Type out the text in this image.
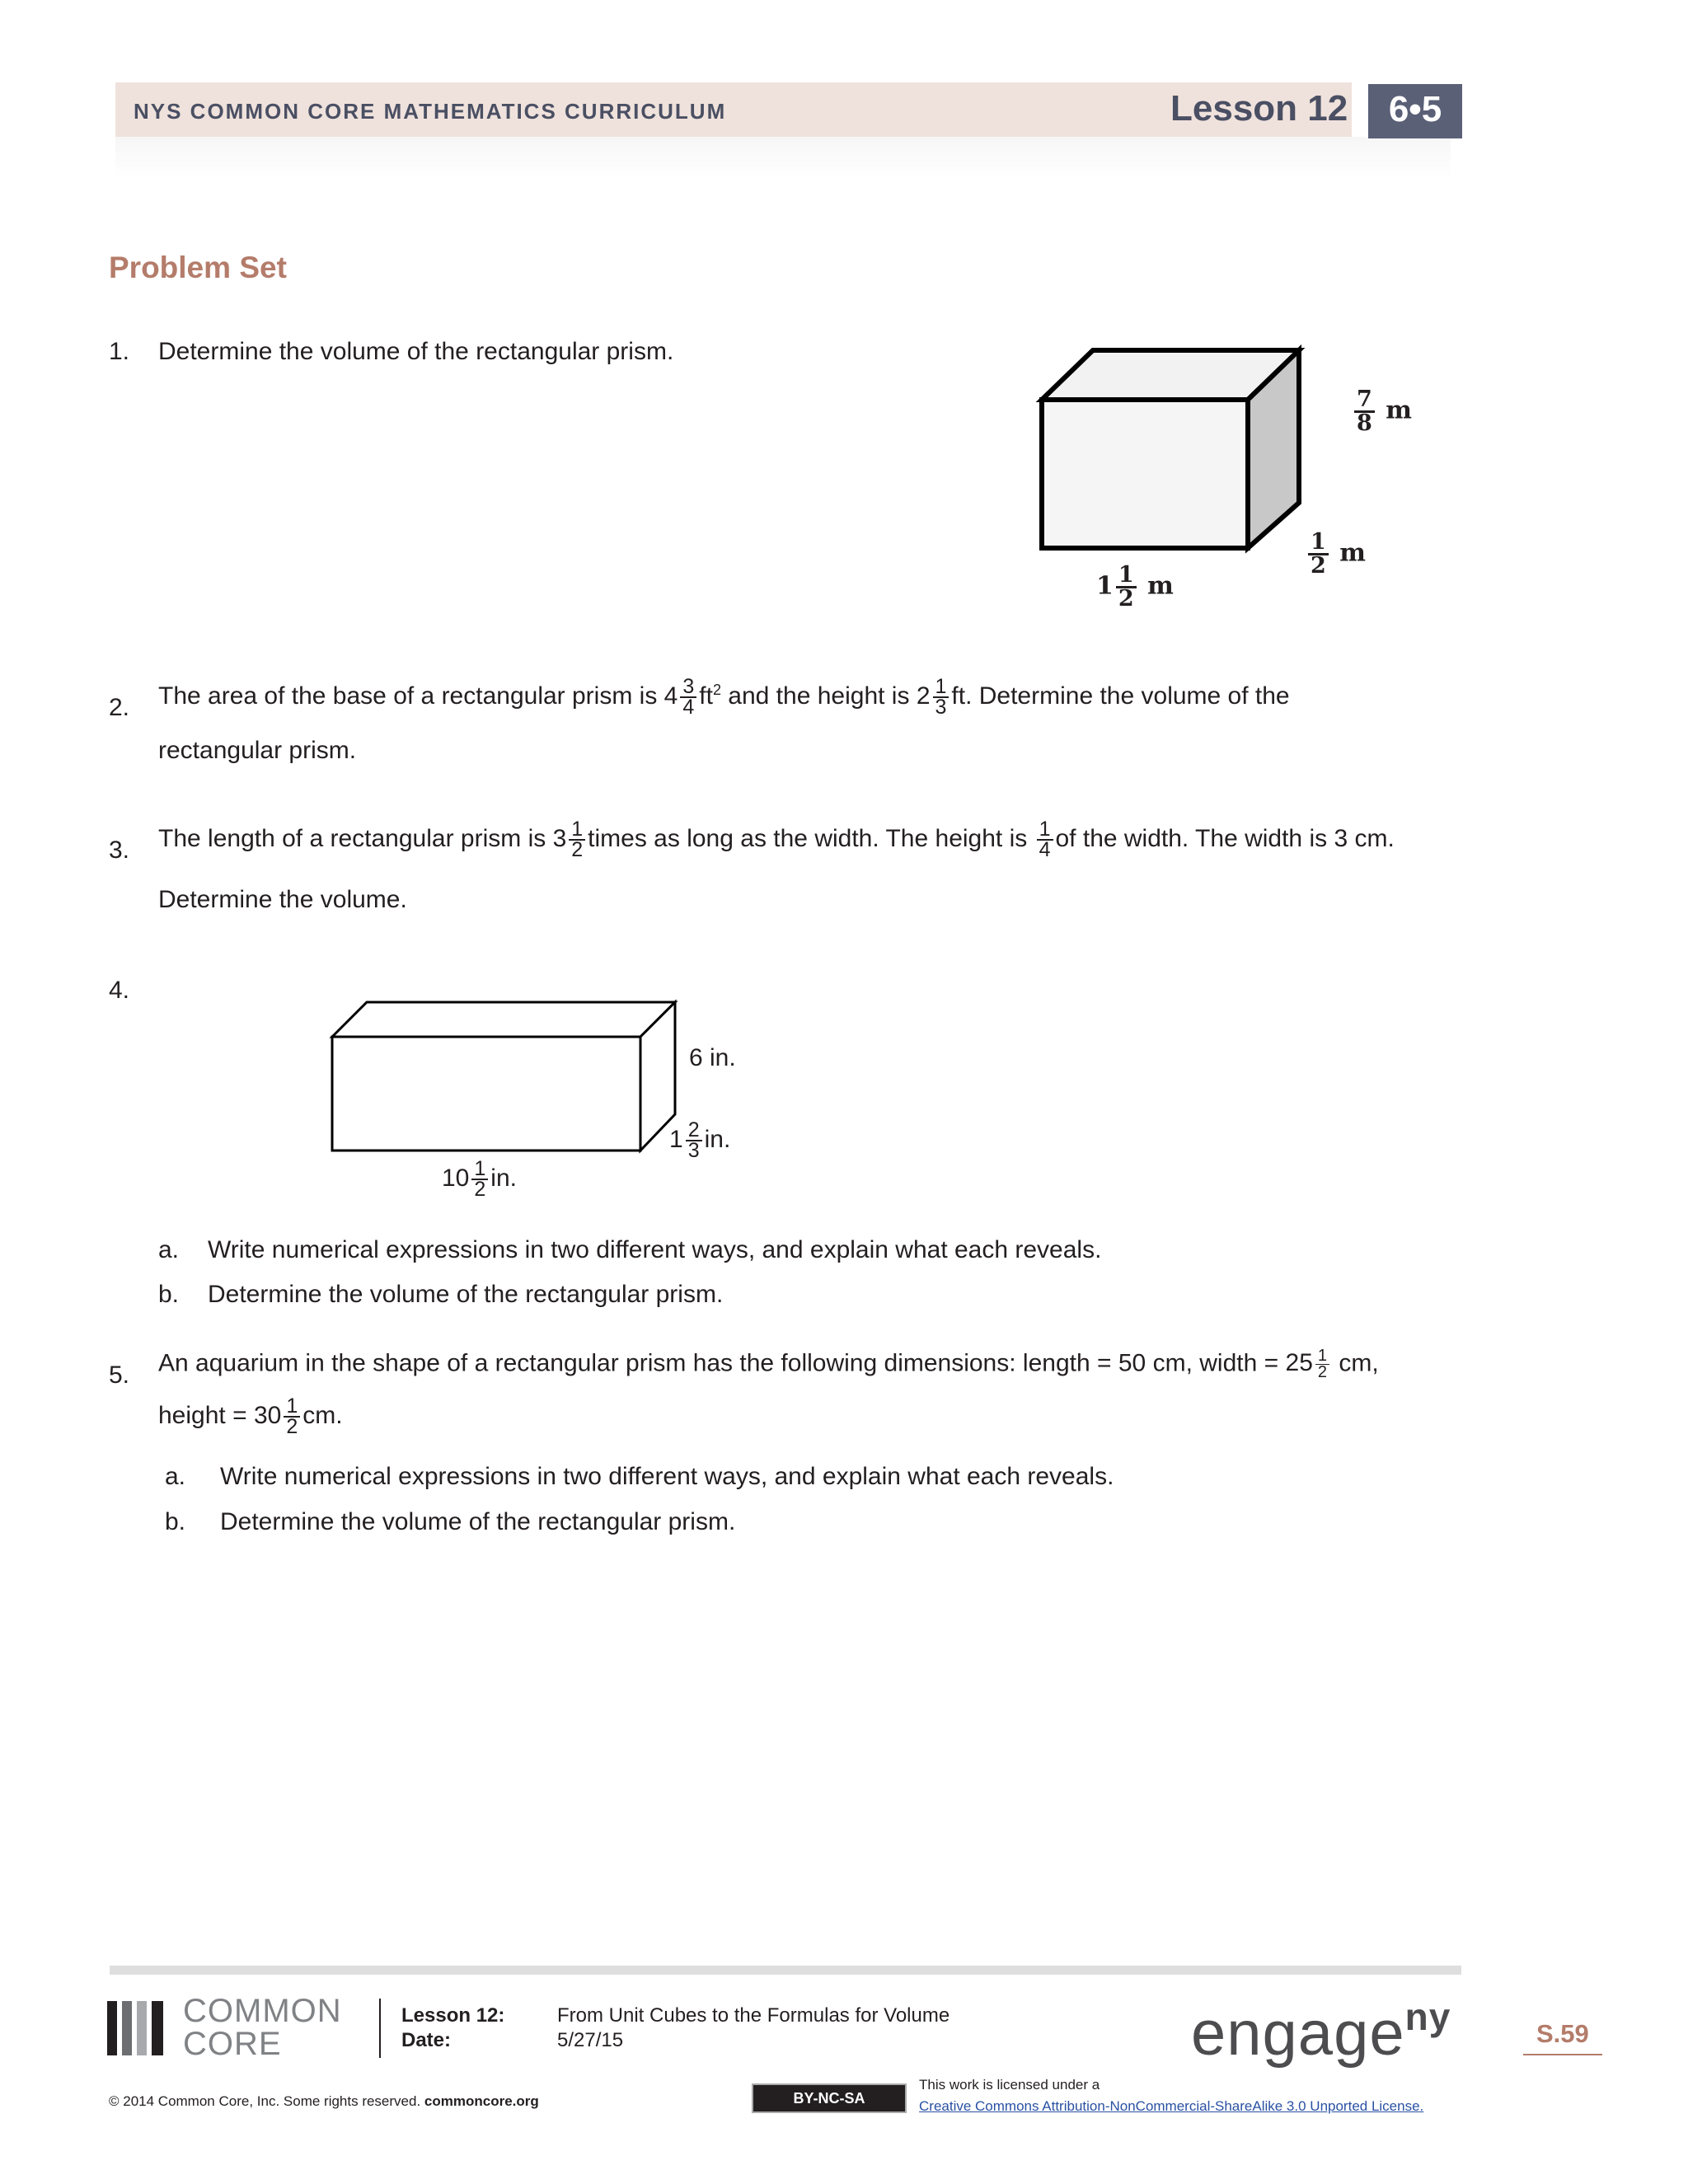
NYS COMMON CORE MATHEMATICS CURRICULUM	Lesson 12	6•5
Problem Set
1. Determine the volume of the rectangular prism.
$\frac{7}{8}$ m
$\frac{1}{2}$ m
$1 \frac{1}{2}$ m
2. The area of the base of a rectangular prism is $4 \frac{3}{4} ft^2$ and the height is $2 \frac{1}{3}$ ft. Determine the volume of the
rectangular prism.
3. The length of a rectangular prism is $3 \frac{1}{2}$ times as long as the width. The height is $\frac{1}{4}$ of the width. The width is 3 cm.
Determine the volume.
4.
6 in.
$1 \frac{2}{3}$ in.
$10 \frac{1}{2}$ in.
a. Write numerical expressions in two different ways, and explain what each reveals.
b. Determine the volume of the rectangular prism.
5. An aquarium in the shape of a rectangular prism has the following dimensions: length = 50 cm, width = $25 \frac{1}{2}$ cm,
height = $30 \frac{1}{2}$ cm.
a. Write numerical expressions in two different ways, and explain what each reveals.
b. Determine the volume of the rectangular prism.
COMMON
CORE
Lesson 12:
Date:
From Unit Cubes to the Formulas for Volume
5/27/15	engage$^{ny}$	S.59
© 2014 Common Core, Inc. Some rights reserved. commoncore.org	BY-NC-SA
This work is licensed under a
Creative Commons Attribution-NonCommercial-ShareAlike 3.0 Unported License.
